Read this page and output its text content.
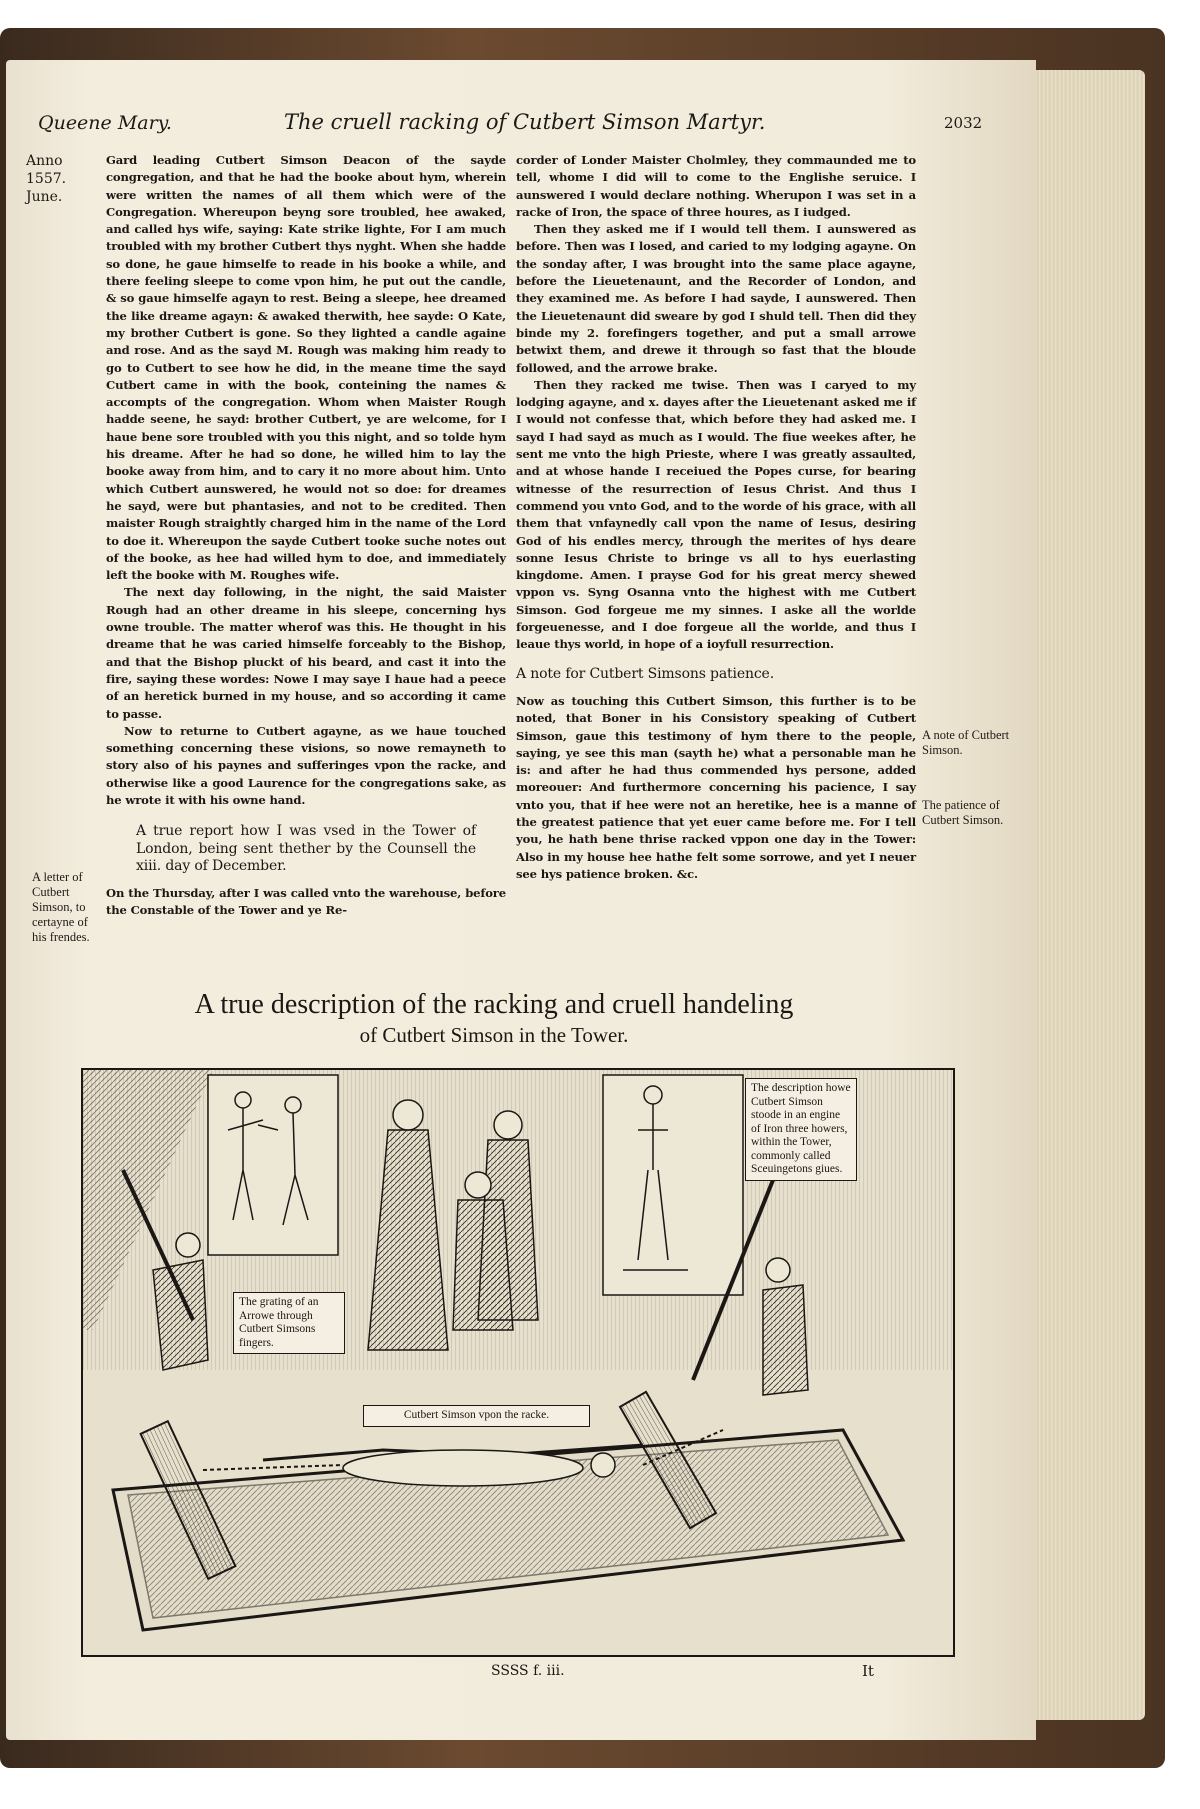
Queene Mary.	The cruell racking of Cutbert Simson Martyr.	2032
Anno
1557.
June.

Gard leading Cutbert Simson Deacon of the sayde congregation, and that he had the booke about hym, wherein were written the names of all them which were of the Congregation. Whereupon beyng sore troubled, hee awaked, and called hys wife, saying: Kate strike lighte, For I am much troubled with my brother Cutbert thys nyght. When she hadde so done, he gaue himselfe to reade in his booke a while, and there feeling sleepe to come vpon him, he put out the candle, & so gaue himselfe agayn to rest. Being a sleepe, hee dreamed the like dreame agayn: & awaked therwith, hee sayde: O Kate, my brother Cutbert is gone. So they lighted a candle againe and rose. And as the sayd M. Rough was making him ready to go to Cutbert to see how he did, in the meane time the sayd Cutbert came in with the book, conteining the names & accompts of the congregation. Whom when Maister Rough hadde seene, he sayd: brother Cutbert, ye are welcome, for I haue bene sore troubled with you this night, and so tolde hym his dreame. After he had so done, he willed him to lay the booke away from him, and to cary it no more about him. Unto which Cutbert aunswered, he would not so doe: for dreames he sayd, were but phantasies, and not to be credited. Then maister Rough straightly charged him in the name of the Lord to doe it. Whereupon the sayde Cutbert tooke suche notes out of the booke, as hee had willed hym to doe, and immediately left the booke with M. Roughes wife.

The next day following, in the night, the said Maister Rough had an other dreame in his sleepe, concerning hys owne trouble. The matter wherof was this. He thought in his dreame that he was caried himselfe forceably to the Bishop, and that the Bishop pluckt of his beard, and cast it into the fire, saying these wordes: Nowe I may saye I haue had a peece of an heretick burned in my house, and so according it came to passe.

Now to returne to Cutbert agayne, as we haue touched something concerning these visions, so nowe remayneth to story also of his paynes and sufferinges vpon the racke, and otherwise like a good Laurence for the congregations sake, as he wrote it with his owne hand.

A true report how I was vsed in the Tower of London, being sent thether by the Counsell the xiii. day of December.

On the Thursday, after I was called vnto the warehouse, before the Constable of the Tower and ye Re-

corder of Londer Maister Cholmley, they commaunded me to tell, whome I did will to come to the Englishe seruice. I aunswered I would declare nothing. Wherupon I was set in a racke of Iron, the space of three houres, as I iudged.

Then they asked me if I would tell them. I aunswered as before. Then was I losed, and caried to my lodging agayne. On the sonday after, I was brought into the same place agayne, before the Lieuetenaunt, and the Recorder of London, and they examined me. As before I had sayde, I aunswered. Then the Lieuetenaunt did sweare by god I shuld tell. Then did they binde my 2. forefingers together, and put a small arrowe betwixt them, and drewe it through so fast that the bloude followed, and the arrowe brake.

Then they racked me twise. Then was I caryed to my lodging agayne, and x. dayes after the Lieuetenant asked me if I would not confesse that, which before they had asked me. I sayd I had sayd as much as I would. The fiue weekes after, he sent me vnto the high Prieste, where I was greatly assaulted, and at whose hande I receiued the Popes curse, for bearing witnesse of the resurrection of Iesus Christ. And thus I commend you vnto God, and to the worde of his grace, with all them that vnfaynedly call vpon the name of Iesus, desiring God of his endles mercy, through the merites of hys deare sonne Iesus Christe to bringe vs all to hys euerlasting kingdome. Amen. I prayse God for his great mercy shewed vppon vs. Syng Osanna vnto the highest with me Cutbert Simson. God forgeue me my sinnes. I aske all the worlde forgeuenesse, and I doe forgeue all the worlde, and thus I leaue thys world, in hope of a ioyfull resurrection.

A note for Cutbert Simsons patience.

Now as touching this Cutbert Simson, this further is to be noted, that Boner in his Consistory speaking of Cutbert Simson, gaue this testimony of hym there to the people, saying, ye see this man (sayth he) what a personable man he is: and after he had thus commended hys persone, added moreouer: And furthermore concerning his pacience, I say vnto you, that if hee were not an heretike, hee is a manne of the greatest patience that yet euer came before me. For I tell you, he hath bene thrise racked vppon one day in the Tower: Also in my house hee hathe felt some sorrowe, and yet I neuer see hys patience broken. &c.

A note of Cutbert Simson.
The patience of Cutbert Simson.
A letter of Cutbert Simson, to certayne of his frendes.
A true description of the racking and cruell handeling
of Cutbert Simson in the Tower.
The grating of an Arrowe through Cutbert Simsons fingers.
The description howe Cutbert Simson stoode in an engine of Iron three howers, within the Tower, commonly called Sceuingetons giues.
Cutbert Simson vpon the racke.
SSSS f. iii.	It
